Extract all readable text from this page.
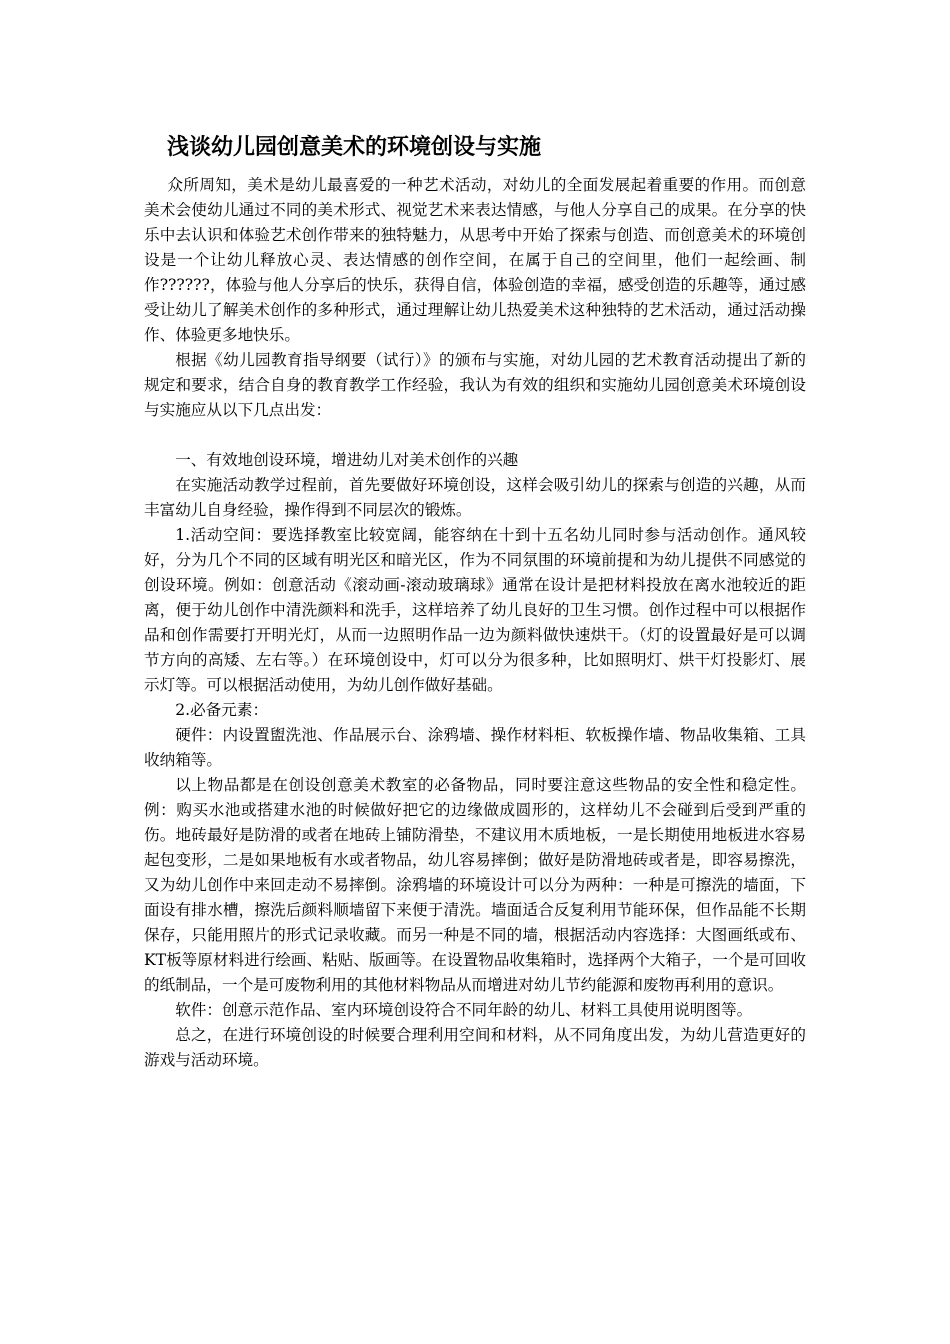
浅谈幼儿园创意美术的环境创设与实施

众所周知，美术是幼儿最喜爱的一种艺术活动，对幼儿的全面发展起着重要的作用。而创意美术会使幼儿通过不同的美术形式、视觉艺术来表达情感，与他人分享自己的成果。在分享的快乐中去认识和体验艺术创作带来的独特魅力，从思考中开始了探索与创造、而创意美术的环境创设是一个让幼儿释放心灵、表达情感的创作空间，在属于自己的空间里，他们一起绘画、制作??????，体验与他人分享后的快乐，获得自信，体验创造的幸福，感受创造的乐趣等，通过感受让幼儿了解美术创作的多种形式，通过理解让幼儿热爱美术这种独特的艺术活动，通过活动操作、体验更多地快乐。

根据《幼儿园教育指导纲要（试行）》的颁布与实施，对幼儿园的艺术教育活动提出了新的规定和要求，结合自身的教育教学工作经验，我认为有效的组织和实施幼儿园创意美术环境创设与实施应从以下几点出发：

一、有效地创设环境，增进幼儿对美术创作的兴趣

在实施活动教学过程前，首先要做好环境创设，这样会吸引幼儿的探索与创造的兴趣，从而丰富幼儿自身经验，操作得到不同层次的锻炼。

1.活动空间：要选择教室比较宽阔，能容纳在十到十五名幼儿同时参与活动创作。通风较好，分为几个不同的区域有明光区和暗光区，作为不同氛围的环境前提和为幼儿提供不同感觉的创设环境。例如：创意活动《滚动画-滚动玻璃球》通常在设计是把材料投放在离水池较近的距离，便于幼儿创作中清洗颜料和洗手，这样培养了幼儿良好的卫生习惯。创作过程中可以根据作品和创作需要打开明光灯，从而一边照明作品一边为颜料做快速烘干。（灯的设置最好是可以调节方向的高矮、左右等。）在环境创设中，灯可以分为很多种，比如照明灯、烘干灯投影灯、展示灯等。可以根据活动使用，为幼儿创作做好基础。

2.必备元素：

硬件：内设置盥洗池、作品展示台、涂鸦墙、操作材料柜、软板操作墙、物品收集箱、工具收纳箱等。

以上物品都是在创设创意美术教室的必备物品，同时要注意这些物品的安全性和稳定性。例：购买水池或搭建水池的时候做好把它的边缘做成圆形的，这样幼儿不会碰到后受到严重的伤。地砖最好是防滑的或者在地砖上铺防滑垫，不建议用木质地板，一是长期使用地板进水容易起包变形，二是如果地板有水或者物品，幼儿容易摔倒；做好是防滑地砖或者是，即容易擦洗，又为幼儿创作中来回走动不易摔倒。涂鸦墙的环境设计可以分为两种：一种是可擦洗的墙面，下面设有排水槽，擦洗后颜料顺墙留下来便于清洗。墙面适合反复利用节能环保，但作品能不长期保存，只能用照片的形式记录收藏。而另一种是不同的墙，根据活动内容选择：大图画纸或布、KT板等原材料进行绘画、粘贴、版画等。在设置物品收集箱时，选择两个大箱子，一个是可回收的纸制品，一个是可废物利用的其他材料物品从而增进对幼儿节约能源和废物再利用的意识。

软件：创意示范作品、室内环境创设符合不同年龄的幼儿、材料工具使用说明图等。

总之，在进行环境创设的时候要合理利用空间和材料，从不同角度出发，为幼儿营造更好的游戏与活动环境。
